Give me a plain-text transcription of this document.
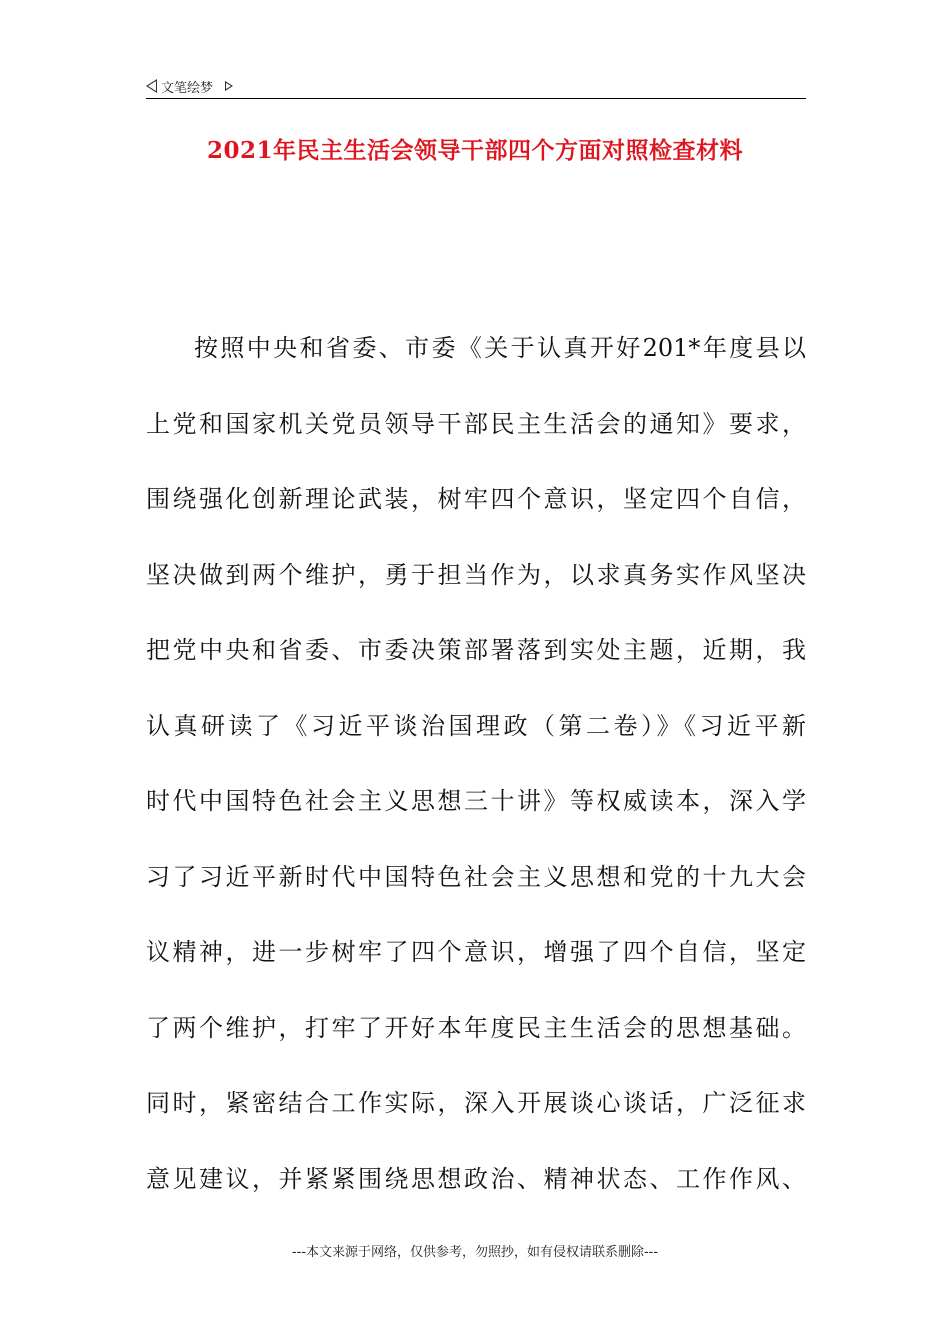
文笔绘梦
2021年民主生活会领导干部四个方面对照检查材料
按照中央和省委、市委《关于认真开好201*年度县以
上党和国家机关党员领导干部民主生活会的通知》要求，
围绕强化创新理论武装，树牢四个意识，坚定四个自信，
坚决做到两个维护，勇于担当作为，以求真务实作风坚决
把党中央和省委、市委决策部署落到实处主题，近期，我
认真研读了《习近平谈治国理政（第二卷）》《习近平新
时代中国特色社会主义思想三十讲》等权威读本，深入学
习了习近平新时代中国特色社会主义思想和党的十九大会
议精神，进一步树牢了四个意识，增强了四个自信，坚定
了两个维护，打牢了开好本年度民主生活会的思想基础。
同时，紧密结合工作实际，深入开展谈心谈话，广泛征求
意见建议，并紧紧围绕思想政治、精神状态、工作作风、
---本文来源于网络，仅供参考，勿照抄，如有侵权请联系删除---
